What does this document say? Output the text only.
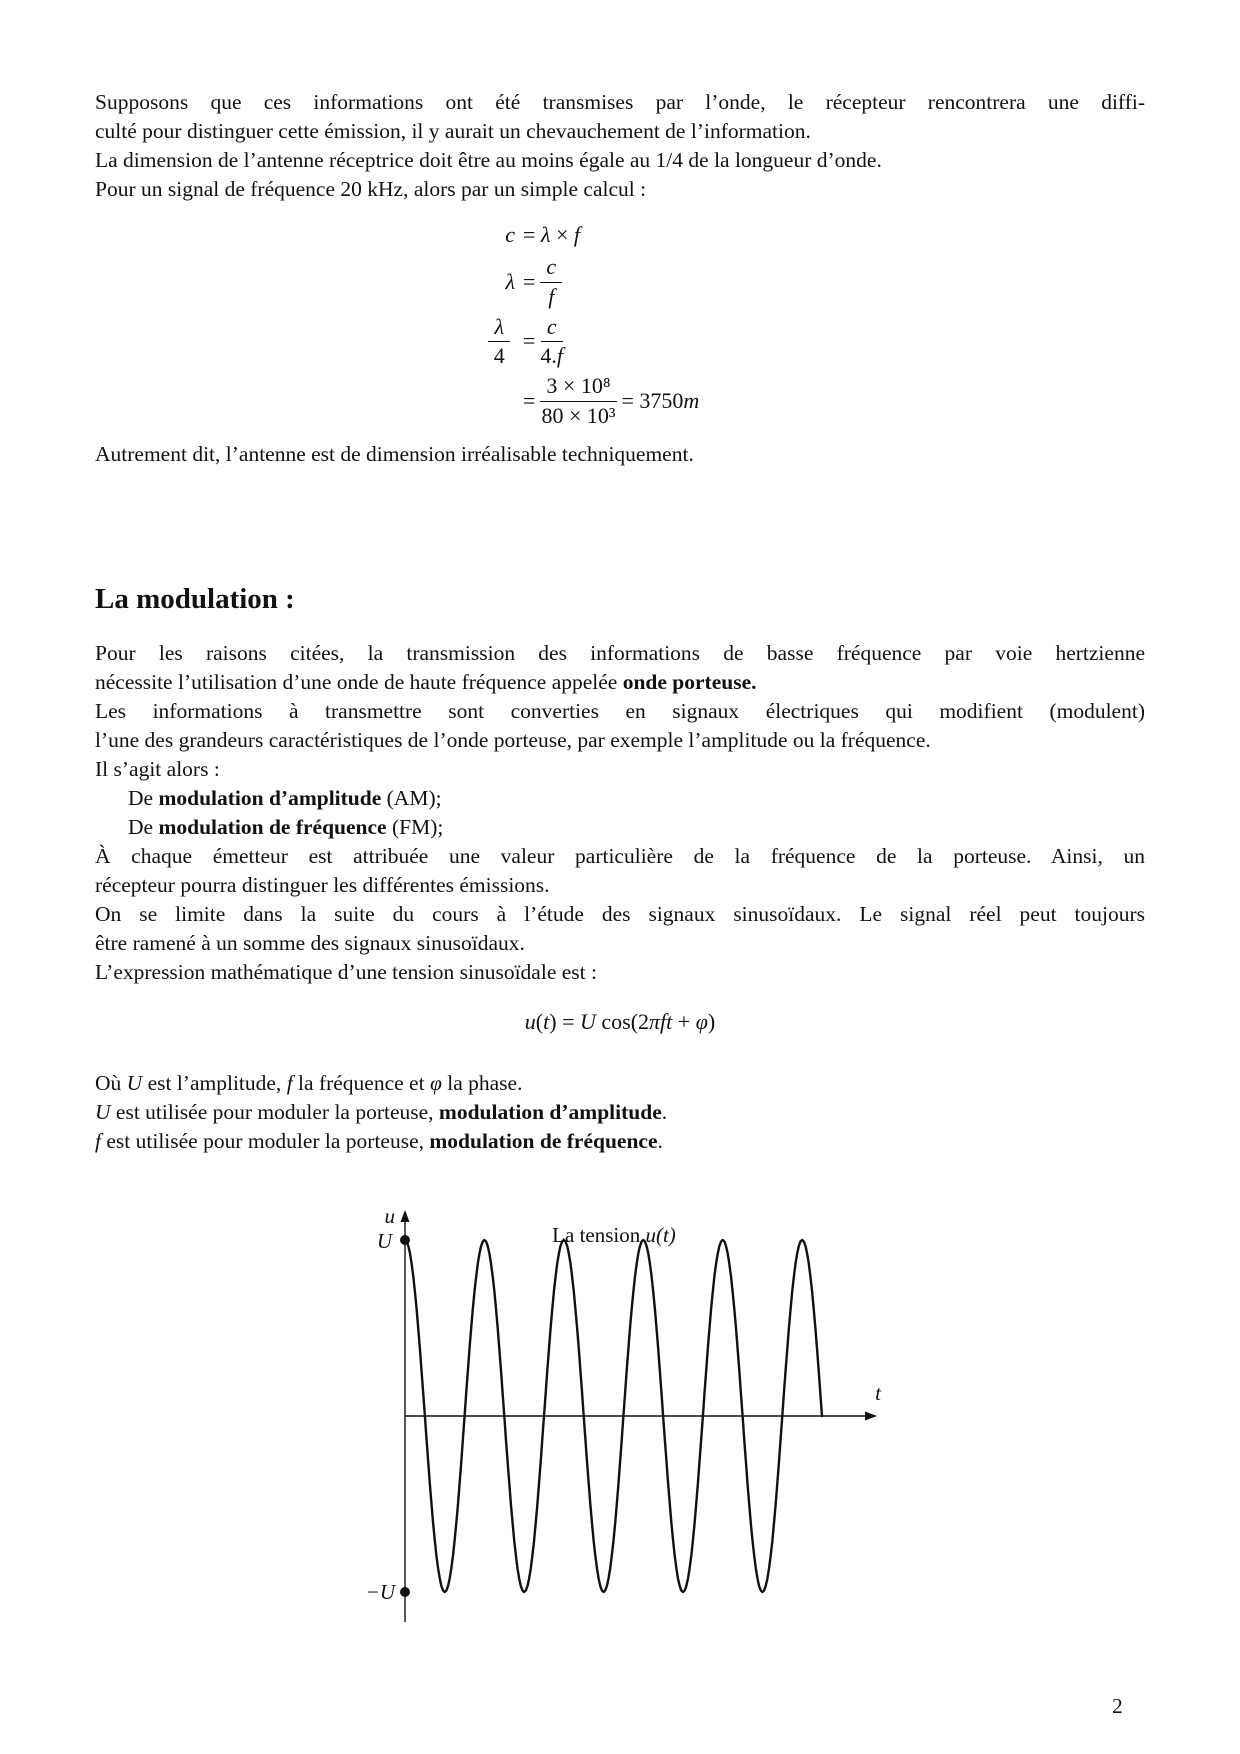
Supposons que ces informations ont été transmises par l’onde, le récepteur rencontrera une diffi-
culté pour distinguer cette émission, il y aurait un chevauchement de l’information.
La dimension de l’antenne réceptrice doit être au moins égale au 1/4 de la longueur d’onde.
Pour un signal de fréquence 20 kHz, alors par un simple calcul :
c = λ × f
$\lambda = \frac{c}{f}$
$\frac{\lambda}{4} = \frac{c}{4.f}$
= $\frac{\text{3 × 10⁸}}{\text{80 × 10³}} = 3750m$
Autrement dit, l’antenne est de dimension irréalisable techniquement.
La modulation :
Pour les raisons citées, la transmission des informations de basse fréquence par voie hertzienne
nécessite l’utilisation d’une onde de haute fréquence appelée onde porteuse.
Les informations à transmettre sont converties en signaux électriques qui modifient (modulent)
l’une des grandeurs caractéristiques de l’onde porteuse, par exemple l’amplitude ou la fréquence.
Il s’agit alors :
De modulation d’amplitude (AM);
De modulation de fréquence (FM);
À chaque émetteur est attribuée une valeur particulière de la fréquence de la porteuse. Ainsi, un
récepteur pourra distinguer les différentes émissions.
On se limite dans la suite du cours à l’étude des signaux sinusoïdaux. Le signal réel peut toujours
être ramené à un somme des signaux sinusoïdaux.
L’expression mathématique d’une tension sinusoïdale est :
u(t) = U cos(2πft + φ)
Où U est l’amplitude, f la fréquence et φ la phase.
U est utilisée pour moduler la porteuse, modulation d’amplitude.
f est utilisée pour moduler la porteuse, modulation de fréquence.
u
U
−U
t
La tension u(t)
2
